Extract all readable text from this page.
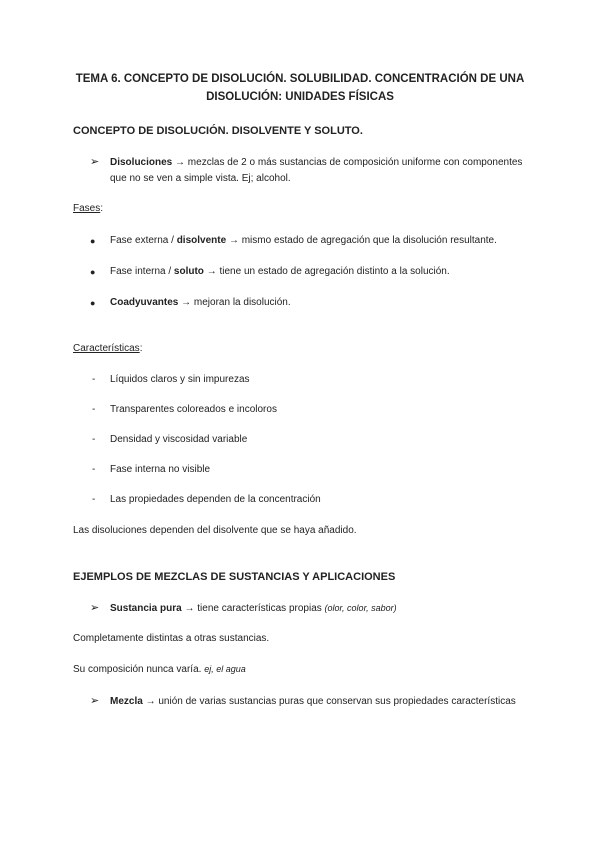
TEMA 6. CONCEPTO DE DISOLUCIÓN. SOLUBILIDAD. CONCENTRACIÓN DE UNA
DISOLUCIÓN: UNIDADES FÍSICAS
CONCEPTO DE DISOLUCIÓN. DISOLVENTE Y SOLUTO.
➢ Disoluciones → mezclas de 2 o más sustancias de composición uniforme con componentes
que no se ven a simple vista. Ej; alcohol.
Fases:
● Fase externa / disolvente → mismo estado de agregación que la disolución resultante.
● Fase interna / soluto → tiene un estado de agregación distinto a la solución.
● Coadyuvantes → mejoran la disolución.
Características:
- Líquidos claros y sin impurezas
- Transparentes coloreados e incoloros
- Densidad y viscosidad variable
- Fase interna no visible
- Las propiedades dependen de la concentración
Las disoluciones dependen del disolvente que se haya añadido.
EJEMPLOS DE MEZCLAS DE SUSTANCIAS Y APLICACIONES
➢ Sustancia pura → tiene características propias (olor, color, sabor)
Completamente distintas a otras sustancias.
Su composición nunca varía. ej, el agua
➢ Mezcla → unión de varias sustancias puras que conservan sus propiedades características
